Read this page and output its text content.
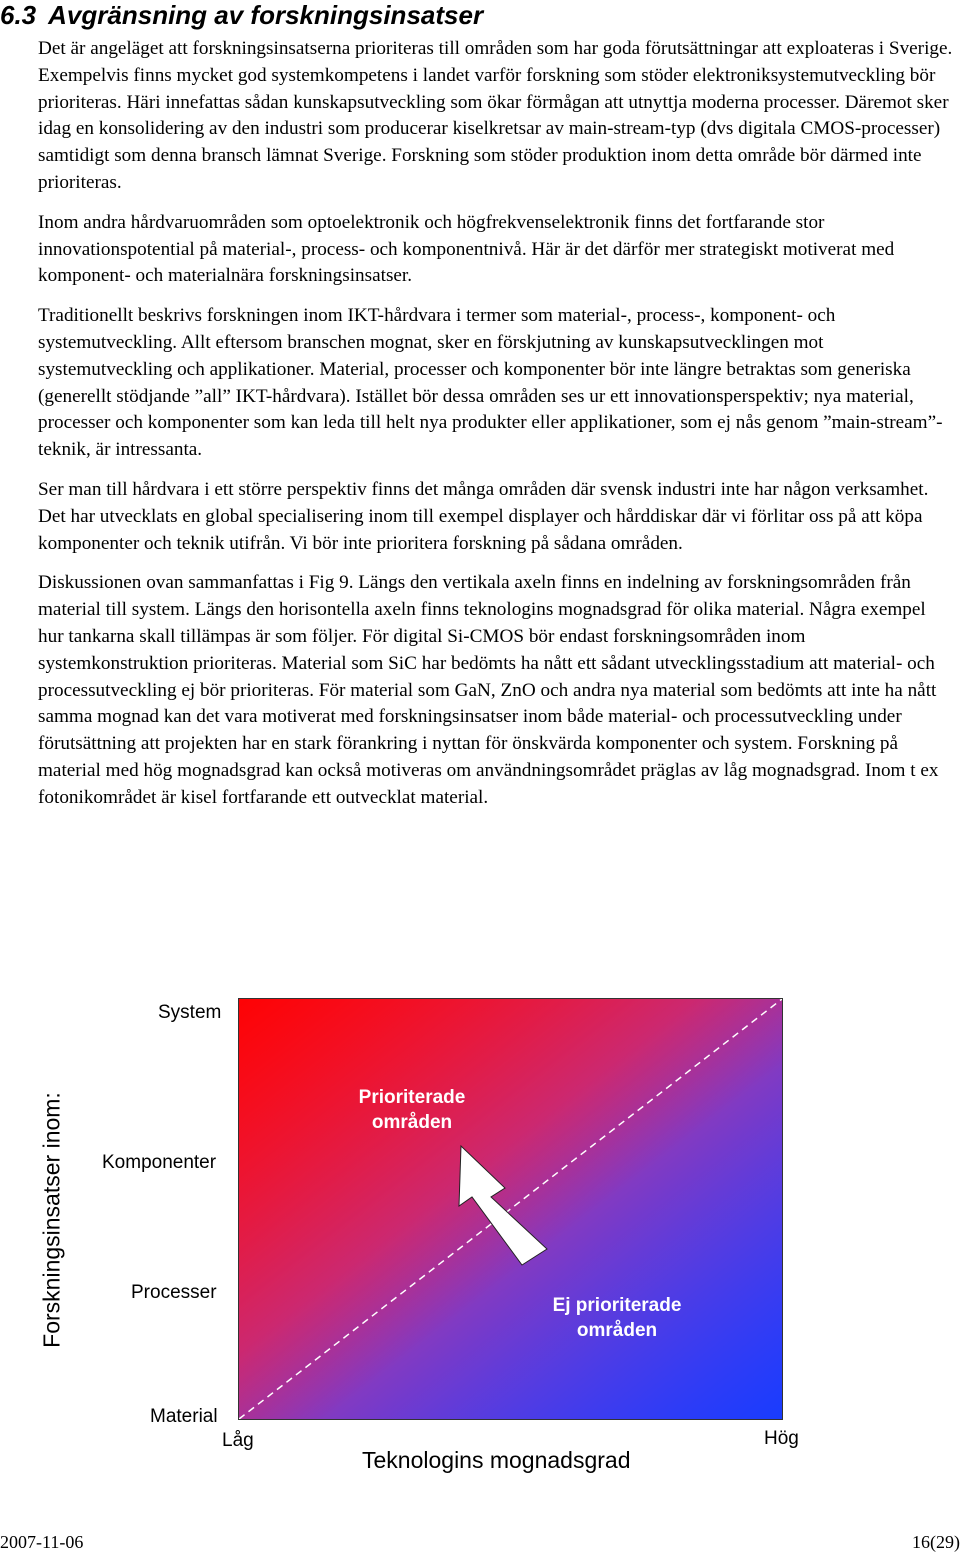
6.3 Avgränsning av forskningsinsatser

Det är angeläget att forskningsinsatserna prioriteras till områden som har goda förutsättningar att exploateras i Sverige. Exempelvis finns mycket god systemkompetens i landet varför forskning som stöder elektroniksystemutveckling bör prioriteras. Häri innefattas sådan kunskapsutveckling som ökar förmågan att utnyttja moderna processer. Däremot sker idag en konsolidering av den industri som producerar kiselkretsar av main-stream-typ (dvs digitala CMOS-processer) samtidigt som denna bransch lämnat Sverige. Forskning som stöder produktion inom detta område bör därmed inte prioriteras.

Inom andra hårdvaruområden som optoelektronik och högfrekvenselektronik finns det fortfarande stor innovationspotential på material-, process- och komponentnivå. Här är det därför mer strategiskt motiverat med komponent- och materialnära forskningsinsatser.

Traditionellt beskrivs forskningen inom IKT-hårdvara i termer som material-, process-, komponent- och systemutveckling. Allt eftersom branschen mognat, sker en förskjutning av kunskapsutvecklingen mot systemutveckling och applikationer. Material, processer och komponenter bör inte längre betraktas som generiska (generellt stödjande ”all” IKT-hårdvara). Istället bör dessa områden ses ur ett innovationsperspektiv; nya material, processer och komponenter som kan leda till helt nya produkter eller applikationer, som ej nås genom ”main-stream”-teknik, är intressanta.

Ser man till hårdvara i ett större perspektiv finns det många områden där svensk industri inte har någon verksamhet. Det har utvecklats en global specialisering inom till exempel displayer och hårddiskar där vi förlitar oss på att köpa komponenter och teknik utifrån. Vi bör inte prioritera forskning på sådana områden.

Diskussionen ovan sammanfattas i Fig 9. Längs den vertikala axeln finns en indelning av forskningsområden från material till system. Längs den horisontella axeln finns teknologins mognadsgrad för olika material. Några exempel hur tankarna skall tillämpas är som följer. För digital Si-CMOS bör endast forskningsområden inom systemkonstruktion prioriteras. Material som SiC har bedömts ha nått ett sådant utvecklingsstadium att material- och processutveckling ej bör prioriteras. För material som GaN, ZnO och andra nya material som bedömts att inte ha nått samma mognad kan det vara motiverat med forskningsinsatser inom både material- och processutveckling under förutsättning att projekten har en stark förankring i nyttan för önskvärda komponenter och system. Forskning på material med hög mognadsgrad kan också motiveras om användningsområdet präglas av låg mognadsgrad. Inom t ex fotonikområdet är kisel fortfarande ett outvecklat material.

System
Komponenter
Processer
Material
Prioriterade
områden
Ej prioriterade
områden
Forskningsinsatser inom:
Låg	Hög
Teknologins mognadsgrad
2007-11-06	16(29)
